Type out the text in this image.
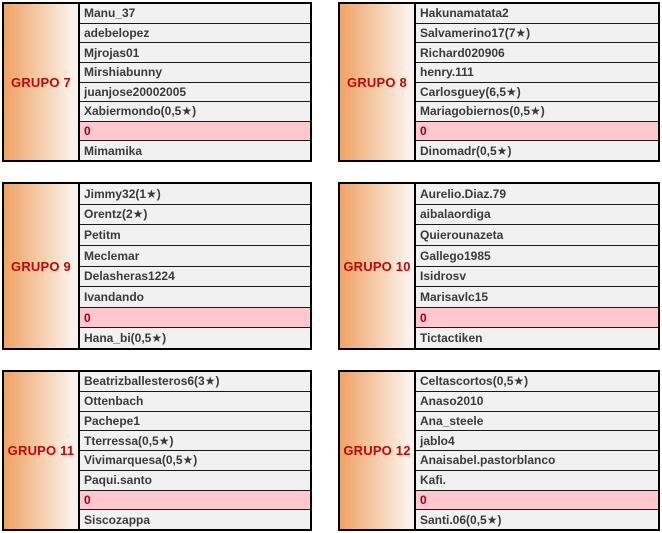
GRUPO 7
Manu_37
adebelopez
Mjrojas01
Mirshiabunny
juanjose20002005
Xabiermondo(0,5★)
0
Mimamika
GRUPO 8
Hakunamatata2
Salvamerino17(7★)
Richard020906
henry.111
Carlosguey(6,5★)
Mariagobiernos(0,5★)
0
Dinomadr(0,5★)
GRUPO 9
Jimmy32(1★)
Orentz(2★)
Petitm
Meclemar
Delasheras1224
Ivandando
0
Hana_bi(0,5★)
GRUPO 10
Aurelio.Diaz.79
aibalaordiga
Quierounazeta
Gallego1985
Isidrosv
Marisavlc15
0
Tictactiken
GRUPO 11
Beatrizballesteros6(3★)
Ottenbach
Pachepe1
Tterressa(0,5★)
Vivimarquesa(0,5★)
Paqui.santo
0
Siscozappa
GRUPO 12
Celtascortos(0,5★)
Anaso2010
Ana_steele
jablo4
Anaisabel.pastorblanco
Kafi.
0
Santi.06(0,5★)
